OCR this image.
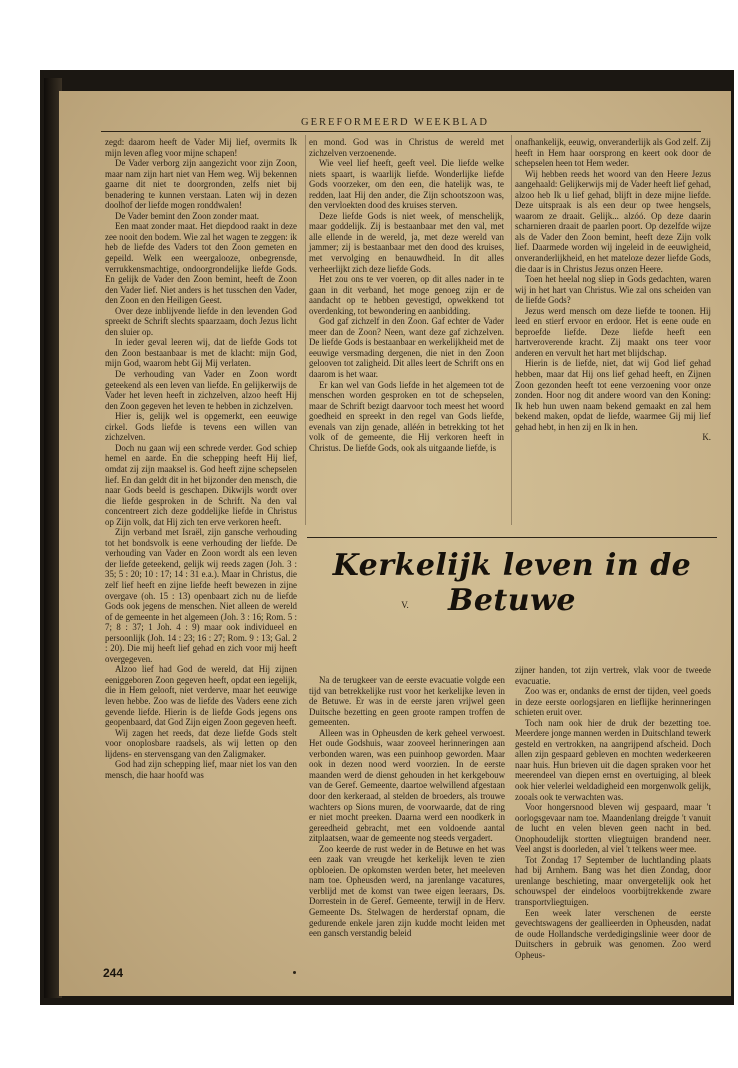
GEREFORMEERD WEEKBLAD

zegd: daarom heeft de Vader Mij lief, overmits Ik mijn leven afleg voor mijne schapen!

De Vader verborg zijn aangezicht voor zijn Zoon, maar nam zijn hart niet van Hem weg. Wij bekennen gaarne dit niet te doorgronden, zelfs niet bij benadering te kunnen verstaan. Laten wij in dezen doolhof der liefde mogen ronddwalen!

De Vader bemint den Zoon zonder maat.

Een maat zonder maat. Het diepdood raakt in deze zee nooit den bodem. Wie zal het wagen te zeggen: ik heb de liefde des Vaders tot den Zoon gemeten en gepeild. Welk een weergalooze, onbegrensde, verrukkensmachtige, ondoorgrondelijke liefde Gods. En gelijk de Vader den Zoon bemint, heeft de Zoon den Vader lief. Niet anders is het tusschen den Vader, den Zoon en den Heiligen Geest.

Over deze inblijvende liefde in den levenden God spreekt de Schrift slechts spaarzaam, doch Jezus licht den sluier op.

In ieder geval leeren wij, dat de liefde Gods tot den Zoon bestaanbaar is met de klacht: mijn God, mijn God, waarom hebt Gij Mij verlaten.

De verhouding van Vader en Zoon wordt geteekend als een leven van liefde. En gelijkerwijs de Vader het leven heeft in zichzelven, alzoo heeft Hij den Zoon gegeven het leven te hebben in zichzelven.

Hier is, gelijk wel is opgemerkt, een eeuwige cirkel. Gods liefde is tevens een willen van zichzelven.

Doch nu gaan wij een schrede verder. God schiep hemel en aarde. En die schepping heeft Hij lief, omdat zij zijn maaksel is. God heeft zijne schepselen lief. En dan geldt dit in het bijzonder den mensch, die naar Gods beeld is geschapen. Dikwijls wordt over die liefde gesproken in de Schrift. Na den val concentreert zich deze goddelijke liefde in Christus op Zijn volk, dat Hij zich ten erve verkoren heeft.

Zijn verband met Israël, zijn gansche verhouding tot het bondsvolk is eene verhouding der liefde. De verhouding van Vader en Zoon wordt als een leven der liefde geteekend, gelijk wij reeds zagen (Joh. 3 : 35; 5 : 20; 10 : 17; 14 : 31 e.a.). Maar in Christus, die zelf lief heeft en zijne liefde heeft bewezen in zijne overgave (oh. 15 : 13) openbaart zich nu de liefde Gods ook jegens de menschen. Niet alleen de wereld of de gemeente in het algemeen (Joh. 3 : 16; Rom. 5 : 7; 8 : 37; 1 Joh. 4 : 9) maar ook individueel en persoonlijk (Joh. 14 : 23; 16 : 27; Rom. 9 : 13; Gal. 2 : 20). Die mij heeft lief gehad en zich voor mij heeft overgegeven.

Alzoo lief had God de wereld, dat Hij zijnen eeniggeboren Zoon gegeven heeft, opdat een iegelijk, die in Hem gelooft, niet verderve, maar het eeuwige leven hebbe. Zoo was de liefde des Vaders eene zich gevende liefde. Hierin is de liefde Gods jegens ons geopenbaard, dat God Zijn eigen Zoon gegeven heeft.

Wij zagen het reeds, dat deze liefde Gods stelt voor onoplosbare raadsels, als wij letten op den lijdens- en stervensgang van den Zaligmaker.

God had zijn schepping lief, maar niet los van den mensch, die haar hoofd was

en mond. God was in Christus de wereld met zichzelven verzoenende.

Wie veel lief heeft, geeft veel. Die liefde welke niets spaart, is waarlijk liefde. Wonderlijke liefde Gods voorzeker, om den een, die hatelijk was, te redden, laat Hij den ander, die Zijn schootszoon was, den vervloekten dood des kruises sterven.

Deze liefde Gods is niet week, of menschelijk, maar goddelijk. Zij is bestaanbaar met den val, met alle ellende in de wereld, ja, met deze wereld van jammer; zij is bestaanbaar met den dood des kruises, met vervolging en benauwdheid. In dit alles verheerlijkt zich deze liefde Gods.

Het zou ons te ver voeren, op dit alles nader in te gaan in dit verband, het moge genoeg zijn er de aandacht op te hebben gevestigd, opwekkend tot overdenking, tot bewondering en aanbidding.

God gaf zichzelf in den Zoon. Gaf echter de Vader meer dan de Zoon? Neen, want deze gaf zichzelven. De liefde Gods is bestaanbaar en werkelijkheid met de eeuwige versmading dergenen, die niet in den Zoon gelooven tot zaligheid. Dit alles leert de Schrift ons en daarom is het waar.

Er kan wel van Gods liefde in het algemeen tot de menschen worden gesproken en tot de schepselen, maar de Schrift bezigt daarvoor toch meest het woord goedheid en spreekt in den regel van Gods liefde, evenals van zijn genade, alléén in betrekking tot het volk of de gemeente, die Hij verkoren heeft in Christus. De liefde Gods, ook als uitgaande liefde, is

onafhankelijk, eeuwig, onveranderlijk als God zelf. Zij heeft in Hem haar oorsprong en keert ook door de schepselen heen tot Hem weder.

Wij hebben reeds het woord van den Heere Jezus aangehaald: Gelijkerwijs mij de Vader heeft lief gehad, alzoo heb Ik u lief gehad, blijft in deze mijne liefde. Deze uitspraak is als een deur op twee hengsels, waarom ze draait. Gelijk... alzóó. Op deze daarin scharnieren draait de paarlen poort. Op dezelfde wijze als de Vader den Zoon bemint, heeft deze Zijn volk lief. Daarmede worden wij ingeleid in de eeuwigheid, onveranderlijkheid, en het mateloze dezer liefde Gods, die daar is in Christus Jezus onzen Heere.

Toen het heelal nog sliep in Gods gedachten, waren wij in het hart van Christus. Wie zal ons scheiden van de liefde Gods?

Jezus werd mensch om deze liefde te toonen. Hij leed en stierf ervoor en erdoor. Het is eene oude en beproefde liefde. Deze liefde heeft een hartveroverende kracht. Zij maakt ons teer voor anderen en vervult het hart met blijdschap.

Hierin is de liefde, niet, dat wij God lief gehad hebben, maar dat Hij ons lief gehad heeft, en Zijnen Zoon gezonden heeft tot eene verzoening voor onze zonden. Hoor nog dit andere woord van den Koning: Ik heb hun uwen naam bekend gemaakt en zal hem bekend maken, opdat de liefde, waarmee Gij mij lief gehad hebt, in hen zij en Ik in hen.

K.

Kerkelijk leven in de Betuwe
V.

Na de terugkeer van de eerste evacuatie volgde een tijd van betrekkelijke rust voor het kerkelijke leven in de Betuwe. Er was in de eerste jaren vrijwel geen Duitsche bezetting en geen groote rampen troffen de gemeenten.

Alleen was in Opheusden de kerk geheel verwoest. Het oude Godshuis, waar zooveel herinneringen aan verbonden waren, was een puinhoop geworden. Maar ook in dezen nood werd voorzien. In de eerste maanden werd de dienst gehouden in het kerkgebouw van de Geref. Gemeente, daartoe welwillend afgestaan door den kerkeraad, al stelden de broeders, als trouwe wachters op Sions muren, de voorwaarde, dat de ring er niet mocht preeken. Daarna werd een noodkerk in gereedheid gebracht, met een voldoende aantal zitplaatsen, waar de gemeente nog steeds vergadert.

Zoo keerde de rust weder in de Betuwe en het was een zaak van vreugde het kerkelijk leven te zien opbloeien. De opkomsten werden beter, het meeleven nam toe. Opheusden werd, na jarenlange vacatures, verblijd met de komst van twee eigen leeraars, Ds. Dorrestein in de Geref. Gemeente, terwijl in de Herv. Gemeente Ds. Stelwagen de herderstaf opnam, die gedurende enkele jaren zijn kudde mocht leiden met een gansch verstandig beleid

zijner handen, tot zijn vertrek, vlak voor de tweede evacuatie.

Zoo was er, ondanks de ernst der tijden, veel goeds in deze eerste oorlogsjaren en lieflijke herinneringen schieten eruit over.

Toch nam ook hier de druk der bezetting toe. Meerdere jonge mannen werden in Duitschland tewerk gesteld en vertrokken, na aangrijpend afscheid. Doch allen zijn gespaard gebleven en mochten wederkeeren naar huis. Hun brieven uit die dagen spraken voor het meerendeel van diepen ernst en overtuiging, al bleek ook hier velerlei weldadigheid een morgenwolk gelijk, zooals ook te verwachten was.

Voor hongersnood bleven wij gespaard, maar 't oorlogsgevaar nam toe. Maandenlang dreigde 't vanuit de lucht en velen bleven geen nacht in bed. Onophoudelijk stortten vliegtuigen brandend neer. Veel angst is doorleden, al viel 't telkens weer mee.

Tot Zondag 17 September de luchtlanding plaats had bij Arnhem. Bang was het dien Zondag, door urenlange beschieting, maar onvergetelijk ook het schouwspel der eindeloos voorbijtrekkende zware transportvliegtuigen.

Een week later verschenen de eerste gevechtswagens der geallieerden in Opheusden, nadat de oude Hollandsche verdedigingslinie weer door de Duitschers in gebruik was genomen. Zoo werd Opheus-

244
